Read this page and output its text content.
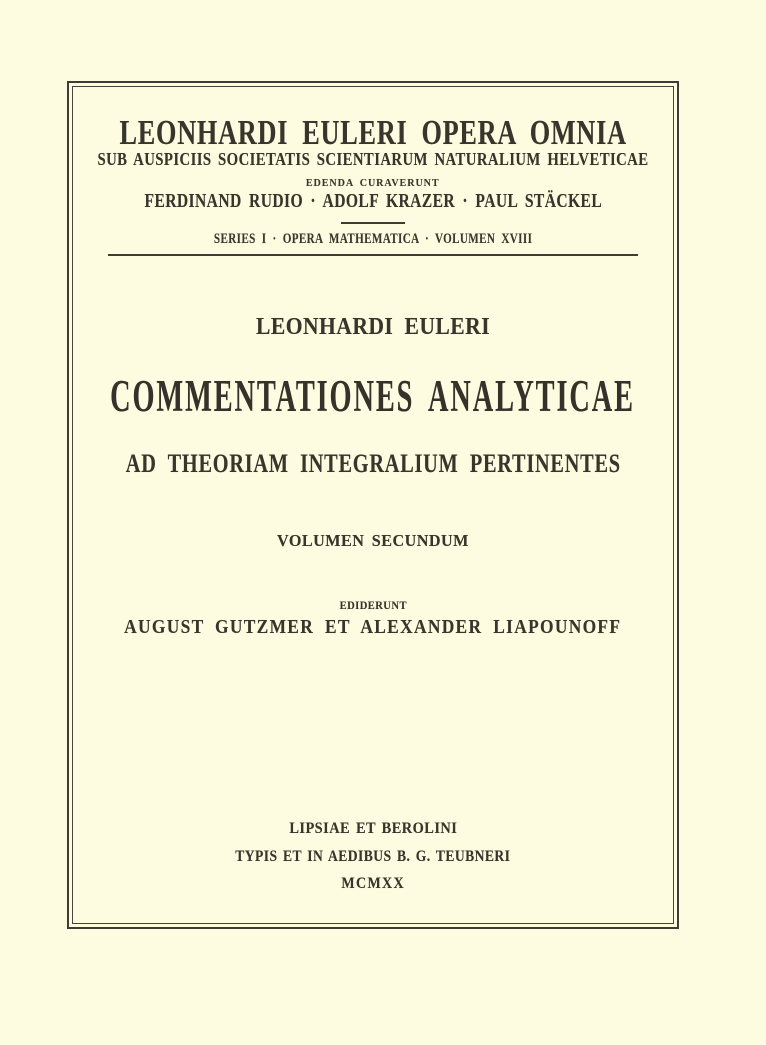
LEONHARDI EULERI OPERA OMNIA
SUB AUSPICIIS SOCIETATIS SCIENTIARUM NATURALIUM HELVETICAE
EDENDA CURAVERUNT
FERDINAND RUDIO · ADOLF KRAZER · PAUL STÄCKEL
SERIES I · OPERA MATHEMATICA · VOLUMEN XVIII
LEONHARDI EULERI
COMMENTATIONES ANALYTICAE
AD THEORIAM INTEGRALIUM PERTINENTES
VOLUMEN SECUNDUM
EDIDERUNT
AUGUST GUTZMER ET ALEXANDER LIAPOUNOFF
LIPSIAE ET BEROLINI
TYPIS ET IN AEDIBUS B. G. TEUBNERI
MCMXX
